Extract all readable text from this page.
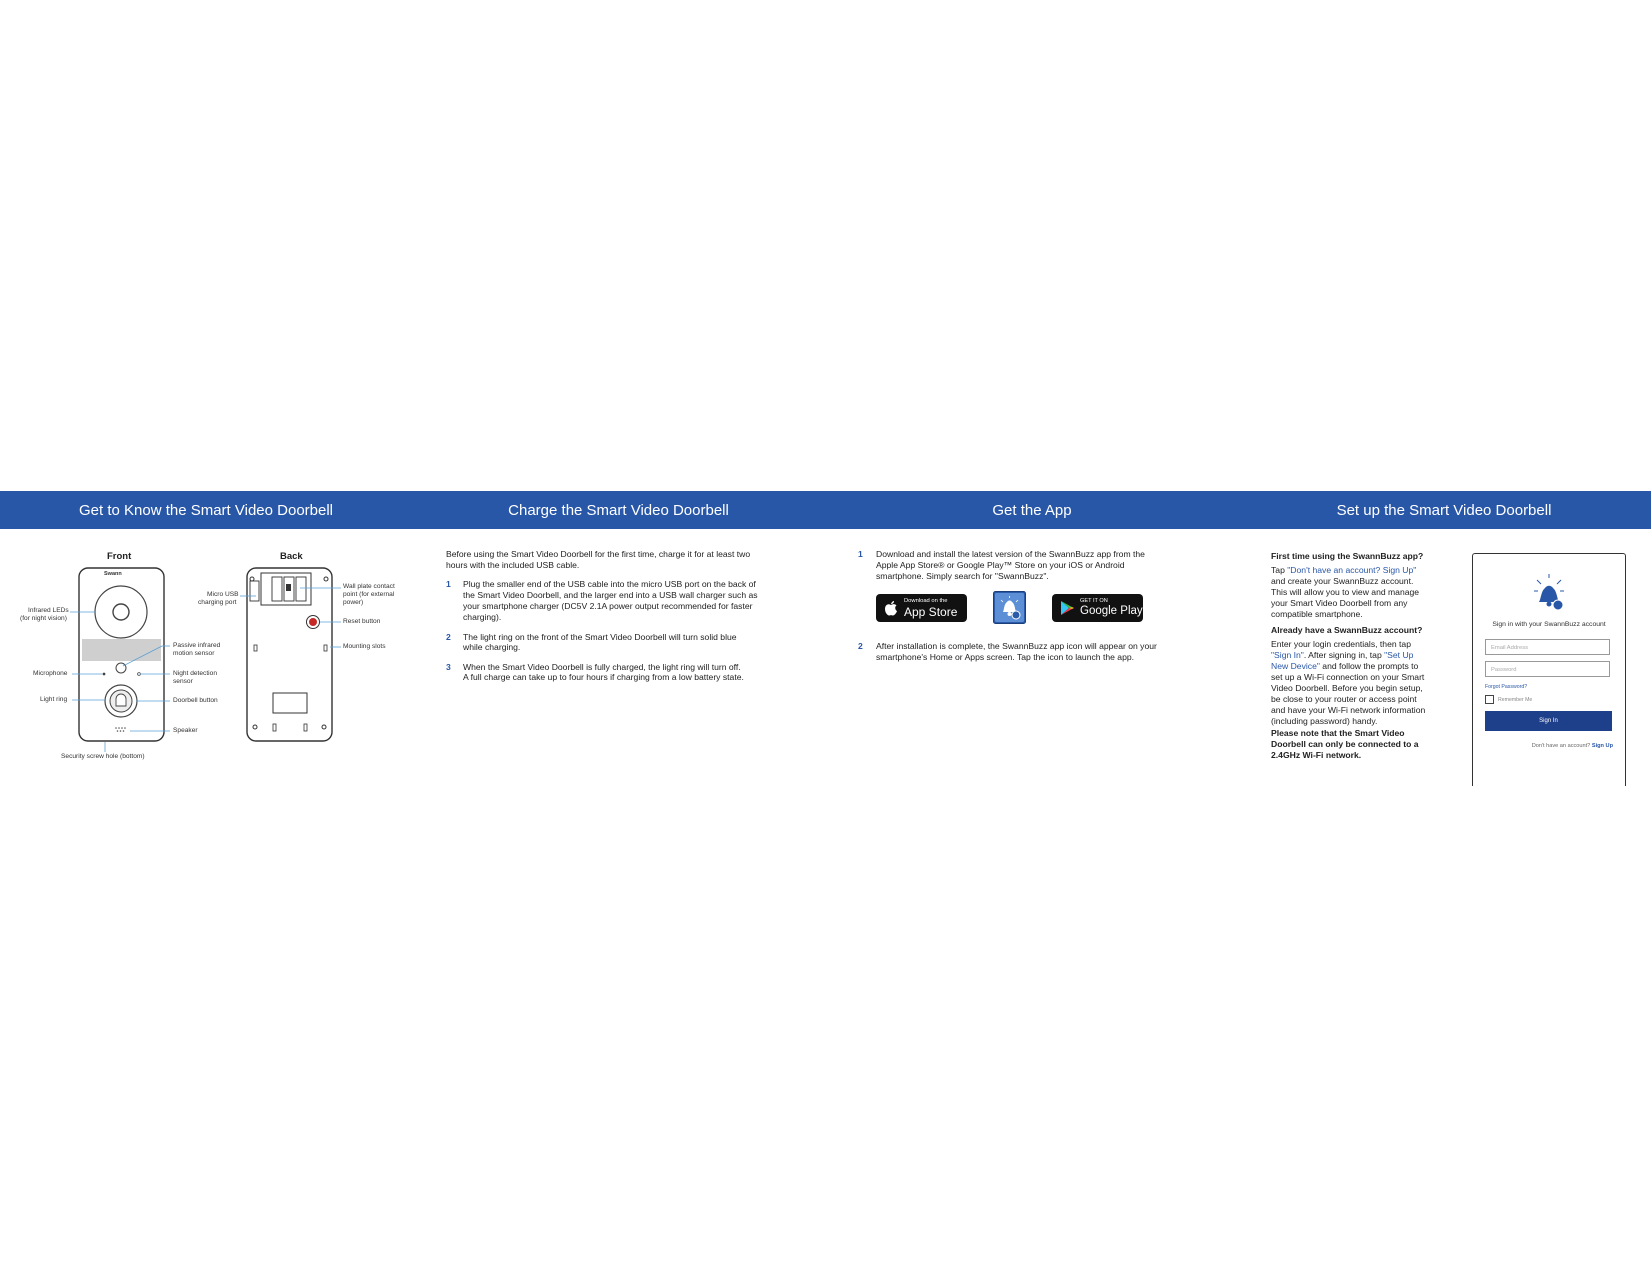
Get to Know the Smart Video Doorbell	Charge the Smart Video Doorbell	Get the App	Set up the Smart Video Doorbell
Front	Back
Swann
Infrared LEDs
(for night vision)
Microphone
Light ring
Passive infrared
motion sensor
Night detection
sensor
Doorbell button
Speaker
Security screw hole (bottom)
Micro USB
charging port
Wall plate contact
point (for external
power)
Reset button
Mounting slots
Before using the Smart Video Doorbell for the first time, charge it for at least two
hours with the included USB cable.
1 Plug the smaller end of the USB cable into the micro USB port on the back of
the Smart Video Doorbell, and the larger end into a USB wall charger such as
your smartphone charger (DC5V 2.1A power output recommended for faster
charging).
2 The light ring on the front of the Smart Video Doorbell will turn solid blue
while charging.
3 When the Smart Video Doorbell is fully charged, the light ring will turn off.
A full charge can take up to four hours if charging from a low battery state.
1 Download and install the latest version of the SwannBuzz app from the
Apple App Store® or Google Play™ Store on your iOS or Android
smartphone. Simply search for "SwannBuzz".
Download on the
App Store
GET IT ON
Google Play
2 After installation is complete, the SwannBuzz app icon will appear on your
smartphone's Home or Apps screen. Tap the icon to launch the app.
First time using the SwannBuzz app?
Tap "Don't have an account? Sign Up"
and create your SwannBuzz account.
This will allow you to view and manage
your Smart Video Doorbell from any
compatible smartphone.
Already have a SwannBuzz account?
Enter your login credentials, then tap
"Sign In". After signing in, tap "Set Up
New Device" and follow the prompts to
set up a Wi-Fi connection on your Smart
Video Doorbell. Before you begin setup,
be close to your router or access point
and have your Wi-Fi network information
(including password) handy.
Please note that the Smart Video
Doorbell can only be connected to a
2.4GHz Wi-Fi network.
Sign in with your SwannBuzz account
Email Address
Password
Forgot Password?
Remember Me
Sign In
Don't have an account? Sign Up
